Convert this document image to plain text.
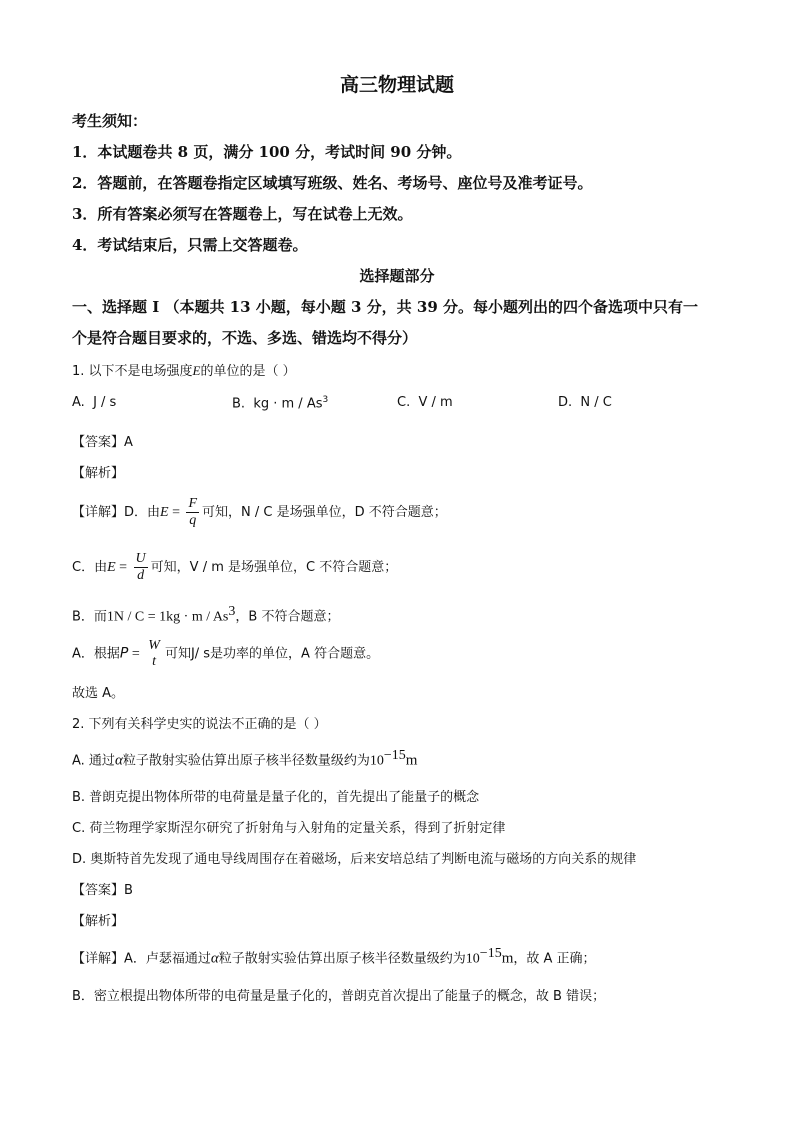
高三物理试题
考生须知：
1．本试题卷共 8 页，满分 100 分，考试时间 90 分钟。
2．答题前，在答题卷指定区域填写班级、姓名、考场号、座位号及准考证号。
3．所有答案必须写在答题卷上，写在试卷上无效。
4．考试结束后，只需上交答题卷。
选择题部分
一、选择题 I （本题共 13 小题，每小题 3 分，共 39 分。每小题列出的四个备选项中只有一
个是符合题目要求的，不选、多选、错选均不得分）
1. 以下不是电场强度E的单位的是（ ）
A. J / s	B. kg · m / As$^3$	C. V / m	D. N / C
【答案】A
【解析】
【详解】D．由$E = \frac{F}{q}$ 可知，N / C 是场强单位，D 不符合题意；
C．由$E = \frac{U}{d}$ 可知，V / m 是场强单位，C 不符合题意；
B．而1N / C = 1kg · m / As$^3$，B 不符合题意；
A．根据P =
W
t 可知J/ s是功率的单位，A 符合题意。
故选 A。
2. 下列有关科学史实的说法不正确的是（ ）
A. 通过α粒子散射实验估算出原子核半径数量级约为$10^{-15}m$
B. 普朗克提出物体所带的电荷量是量子化的，首先提出了能量子的概念
C. 荷兰物理学家斯涅尔研究了折射角与入射角的定量关系，得到了折射定律
D. 奥斯特首先发现了通电导线周围存在着磁场，后来安培总结了判断电流与磁场的方向关系的规律
【答案】B
【解析】
【详解】A．卢瑟福通过α粒子散射实验估算出原子核半径数量级约为$10^{-15}m$，故 A 正确；
B．密立根提出物体所带的电荷量是量子化的，普朗克首次提出了能量子的概念，故 B 错误；
